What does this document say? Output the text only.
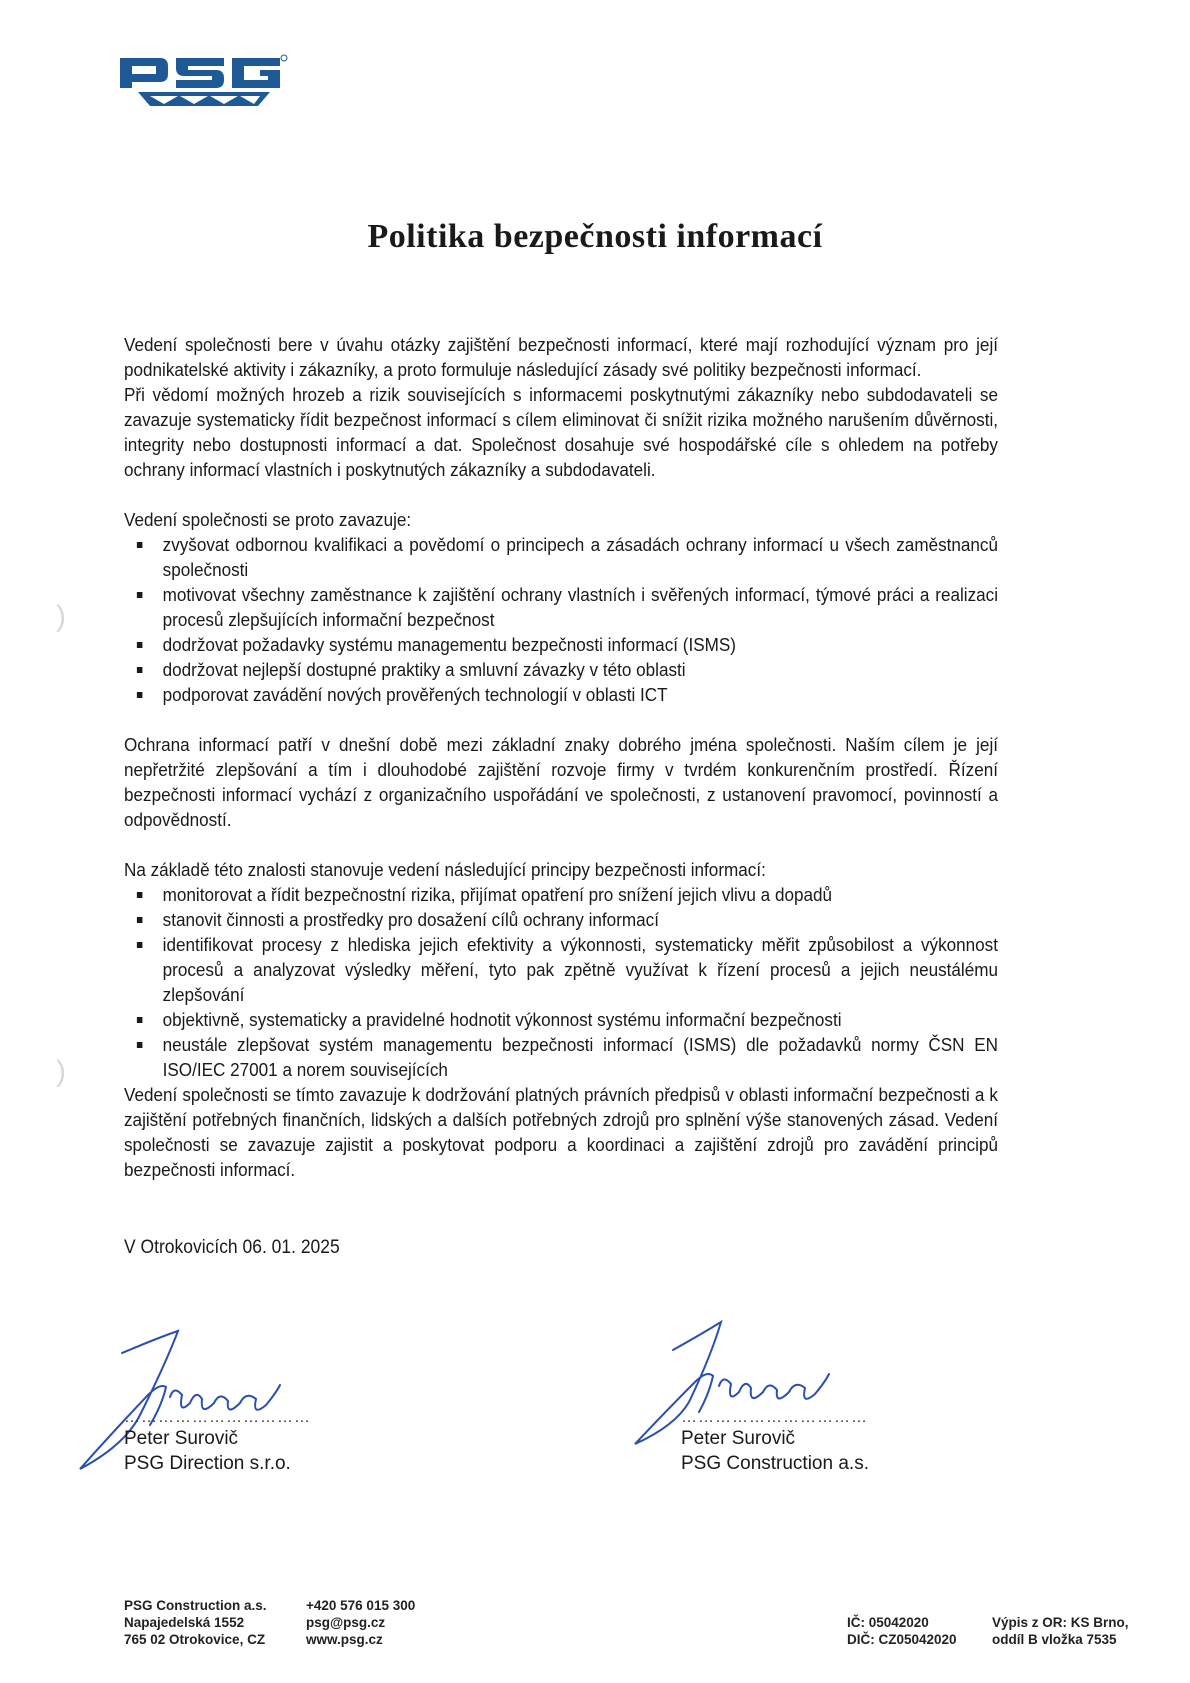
Politika bezpečnosti informací

Vedení společnosti bere v úvahu otázky zajištění bezpečnosti informací, které mají rozhodující význam pro její podnikatelské aktivity i zákazníky, a proto formuluje následující zásady své politiky bezpečnosti informací.

Při vědomí možných hrozeb a rizik souvisejících s informacemi poskytnutými zákazníky nebo subdodavateli se zavazuje systematicky řídit bezpečnost informací s cílem eliminovat či snížit rizika možného narušením důvěrnosti, integrity nebo dostupnosti informací a dat. Společnost dosahuje své hospodářské cíle s ohledem na potřeby ochrany informací vlastních i poskytnutých zákazníky a subdodavateli.

Vedení společnosti se proto zavazuje:

zvyšovat odbornou kvalifikaci a povědomí o principech a zásadách ochrany informací u všech zaměstnanců společnosti
motivovat všechny zaměstnance k zajištění ochrany vlastních i svěřených informací, týmové práci a realizaci procesů zlepšujících informační bezpečnost
dodržovat požadavky systému managementu bezpečnosti informací (ISMS)
dodržovat nejlepší dostupné praktiky a smluvní závazky v této oblasti
podporovat zavádění nových prověřených technologií v oblasti ICT

Ochrana informací patří v dnešní době mezi základní znaky dobrého jména společnosti. Naším cílem je její nepřetržité zlepšování a tím i dlouhodobé zajištění rozvoje firmy v tvrdém konkurenčním prostředí. Řízení bezpečnosti informací vychází z organizačního uspořádání ve společnosti, z ustanovení pravomocí, povinností a odpovědností.

Na základě této znalosti stanovuje vedení následující principy bezpečnosti informací:

monitorovat a řídit bezpečnostní rizika, přijímat opatření pro snížení jejich vlivu a dopadů
stanovit činnosti a prostředky pro dosažení cílů ochrany informací
identifikovat procesy z hlediska jejich efektivity a výkonnosti, systematicky měřit způsobilost a výkonnost procesů a analyzovat výsledky měření, tyto pak zpětně využívat k řízení procesů a jejich neustálému zlepšování
objektivně, systematicky a pravidelné hodnotit výkonnost systému informační bezpečnosti
neustále zlepšovat systém managementu bezpečnosti informací (ISMS) dle požadavků normy ČSN EN ISO/IEC 27001 a norem souvisejících

Vedení společnosti se tímto zavazuje k dodržování platných právních předpisů v oblasti informační bezpečnosti a k zajištění potřebných finančních, lidských a dalších potřebných zdrojů pro splnění výše stanovených zásad. Vedení společnosti se zavazuje zajistit a poskytovat podporu a koordinaci a zajištění zdrojů pro zavádění principů bezpečnosti informací.

V Otrokovicích 06. 01. 2025
……………………………
Peter Surovič
PSG Direction s.r.o.
……………………………
Peter Surovič
PSG Construction a.s.
)
)
PSG Construction a.s.
Napajedelská 1552
765 02 Otrokovice, CZ
+420 576 015 300
psg@psg.cz
www.psg.cz
IČ: 05042020
DIČ: CZ05042020
Výpis z OR: KS Brno,
oddíl B vložka 7535
